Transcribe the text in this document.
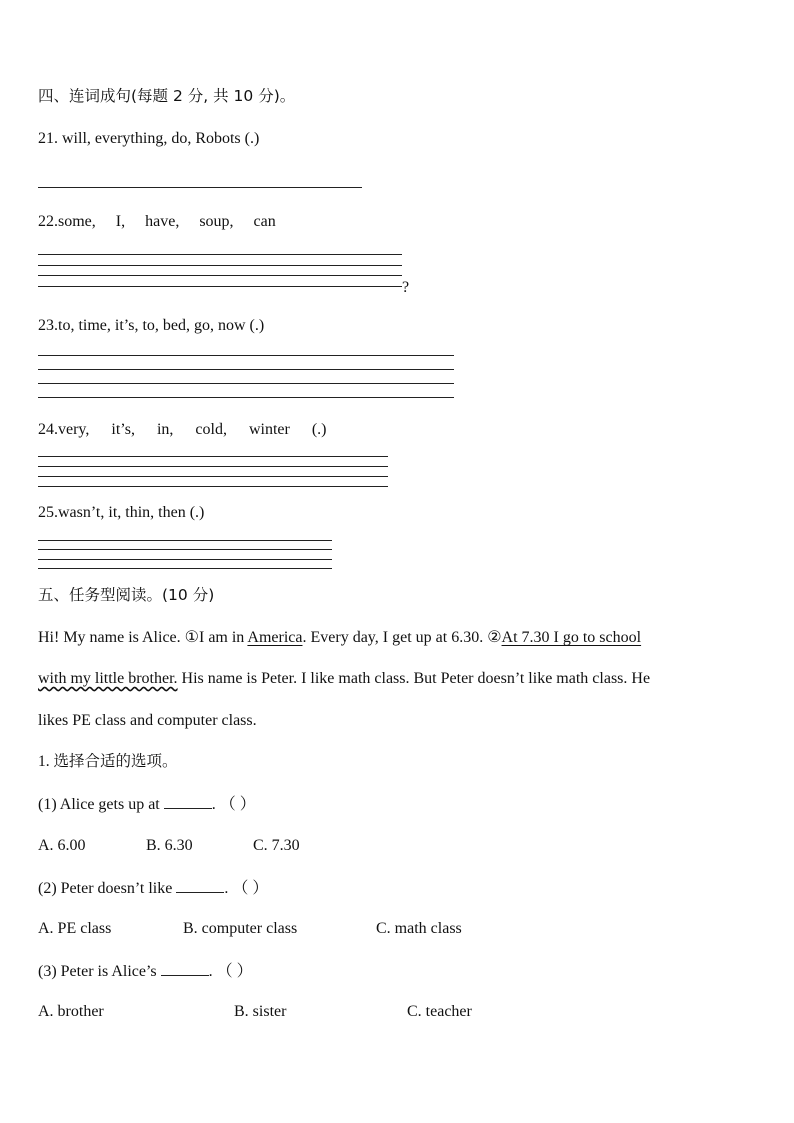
四、连词成句(每题 2 分, 共 10 分)。
21. will, everything, do, Robots (.)
22.some, I, have, soup, can
?
23.to, time, it’s, to, bed, go, now (.)
24.very, it’s, in, cold, winter (.)
25.wasn’t, it, thin, then (.)
五、任务型阅读。(10 分)
Hi! My name is Alice. ①I am in America. Every day, I get up at 6.30. ②At 7.30 I go to school
with my little brother. His name is Peter. I like math class. But Peter doesn’t like math class. He
likes PE class and computer class.
1. 选择合适的选项。
(1) Alice gets up at	. （ ）
A. 6.00	B. 6.30	C. 7.30
(2) Peter doesn’t like	. （ ）
A. PE class	B. computer class	C. math class
(3) Peter is Alice’s	. （ ）
A. brother	B. sister	C. teacher
